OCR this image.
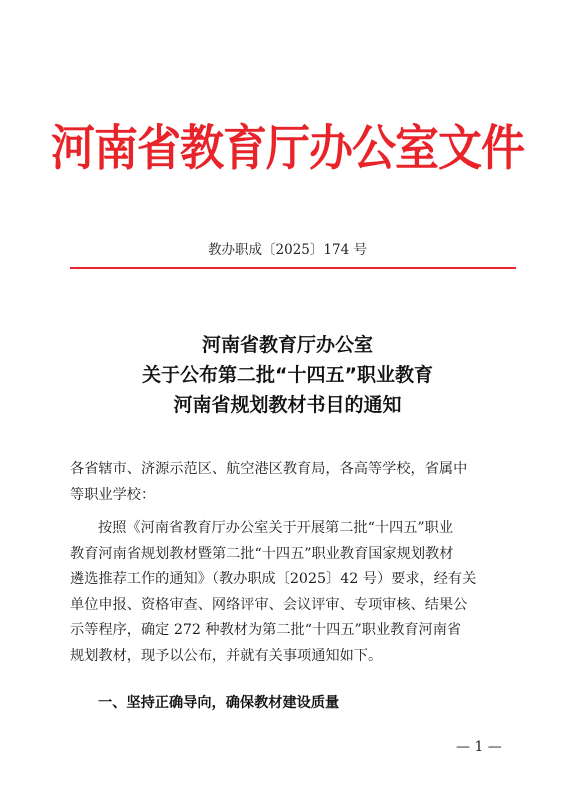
河南省教育厅办公室文件
教办职成〔2025〕174 号
河南省教育厅办公室
关于公布第二批“十四五”职业教育
河南省规划教材书目的通知
各省辖市、济源示范区、航空港区教育局，各高等学校，省属中
等职业学校：
按照《河南省教育厅办公室关于开展第二批“十四五”职业
教育河南省规划教材暨第二批“十四五”职业教育国家规划教材
遴选推荐工作的通知》（教办职成〔2025〕42 号）要求，经有关
单位申报、资格审查、网络评审、会议评审、专项审核、结果公
示等程序，确定 272 种教材为第二批“十四五”职业教育河南省
规划教材，现予以公布，并就有关事项通知如下。
一、坚持正确导向，确保教材建设质量
— 1 —
